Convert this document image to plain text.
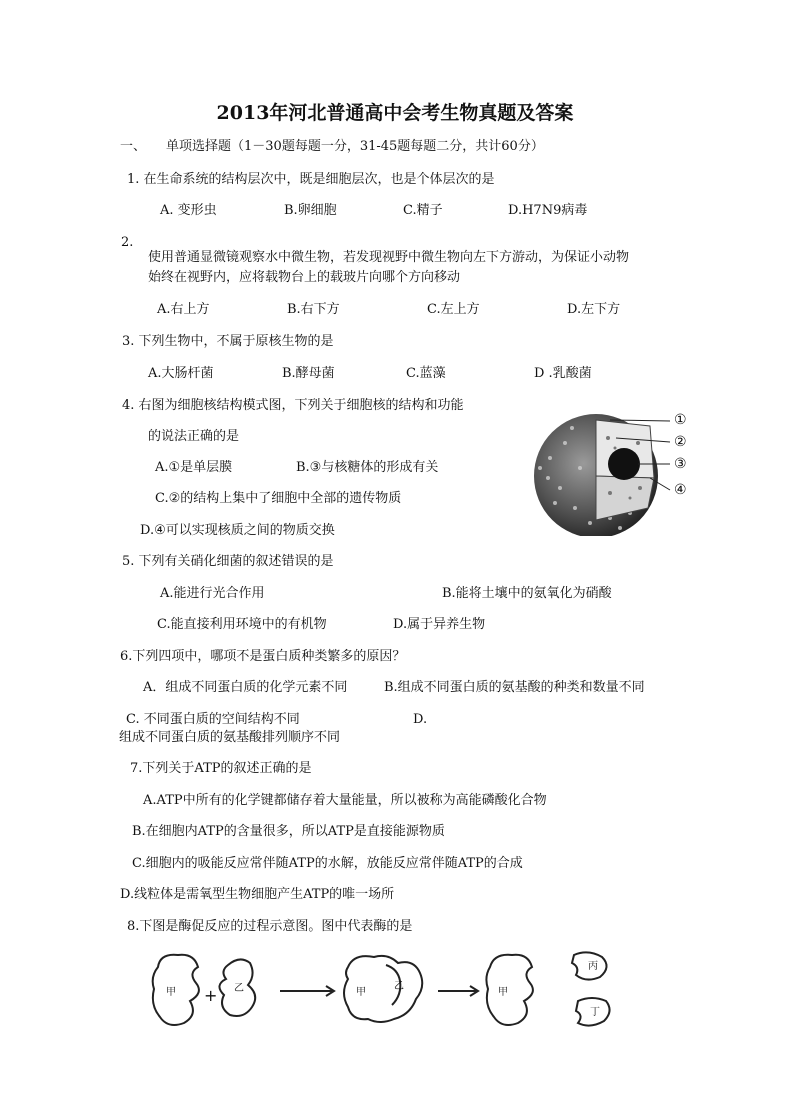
2013年河北普通高中会考生物真题及答案
一、 单项选择题（1－30题每题一分，31-45题每题二分，共计60分）
1. 在生命系统的结构层次中，既是细胞层次，也是个体层次的是
A. 变形虫	B.卵细胞	C.精子	D.H7N9病毒
2.
使用普通显微镜观察水中微生物，若发现视野中微生物向左下方游动，为保证小动物
始终在视野内，应将载物台上的载玻片向哪个方向移动
A.右上方	B.右下方	C.左上方	D.左下方
3. 下列生物中，不属于原核生物的是
A.大肠杆菌	B.酵母菌	C.蓝藻	D .乳酸菌
4. 右图为细胞核结构模式图，下列关于细胞核的结构和功能
的说法正确的是
A.①是单层膜	B.③与核糖体的形成有关
C.②的结构上集中了细胞中全部的遗传物质
D.④可以实现核质之间的物质交换
①
②
③
④
5. 下列有关硝化细菌的叙述错误的是
A.能进行光合作用	B.能将土壤中的氨氧化为硝酸
C.能直接利用环境中的有机物	D.属于异养生物
6.下列四项中，哪项不是蛋白质种类繁多的原因？
A．组成不同蛋白质的化学元素不同	B.组成不同蛋白质的氨基酸的种类和数量不同
C. 不同蛋白质的空间结构不同	D.
组成不同蛋白质的氨基酸排列顺序不同
7.下列关于ATP的叙述正确的是
A.ATP中所有的化学键都储存着大量能量，所以被称为高能磷酸化合物
B.在细胞内ATP的含量很多，所以ATP是直接能源物质
C.细胞内的吸能反应常伴随ATP的水解，放能反应常伴随ATP的合成
D.线粒体是需氧型生物细胞产生ATP的唯一场所
8.下图是酶促反应的过程示意图。图中代表酶的是
甲 + 乙	甲
乙
甲
丙
丁
